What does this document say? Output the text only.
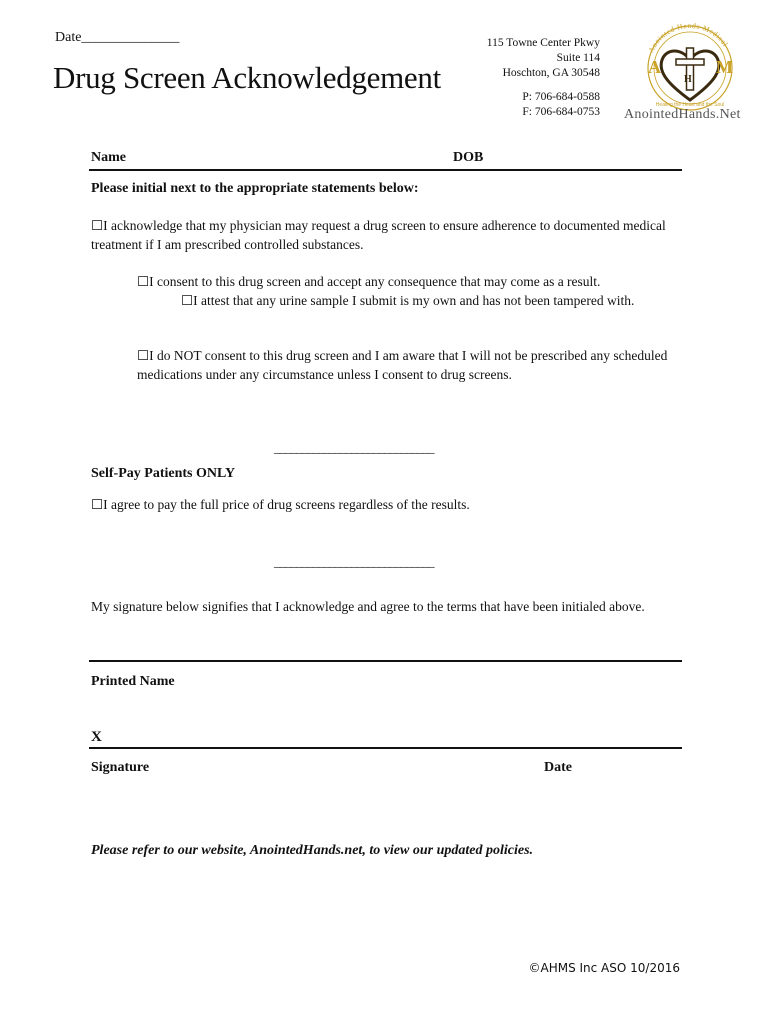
Date______________
Drug Screen Acknowledgement
115 Towne Center Pkwy
Suite 114
Hoschton, GA 30548
P: 706-684-0588
F: 706-684-0753
Anointed Hands Medical
A	M
H
Healing the Heart and the Soul
AnointedHands.Net
Name	DOB
Please initial next to the appropriate statements below:
☐I acknowledge that my physician may request a drug screen to ensure adherence to documented medical treatment if I am prescribed controlled substances.
☐I consent to this drug screen and accept any consequence that may come as a result.
☐I attest that any urine sample I submit is my own and has not been tampered with.
☐I do NOT consent to this drug screen and I am aware that I will not be prescribed any scheduled medications under any circumstance unless I consent to drug screens.
_____________________________
Self-Pay Patients ONLY
☐I agree to pay the full price of drug screens regardless of the results.
_____________________________
My signature below signifies that I acknowledge and agree to the terms that have been initialed above.
Printed Name
X
Signature	Date
Please refer to our website, AnointedHands.net, to view our updated policies.
©AHMS Inc ASO 10/2016
